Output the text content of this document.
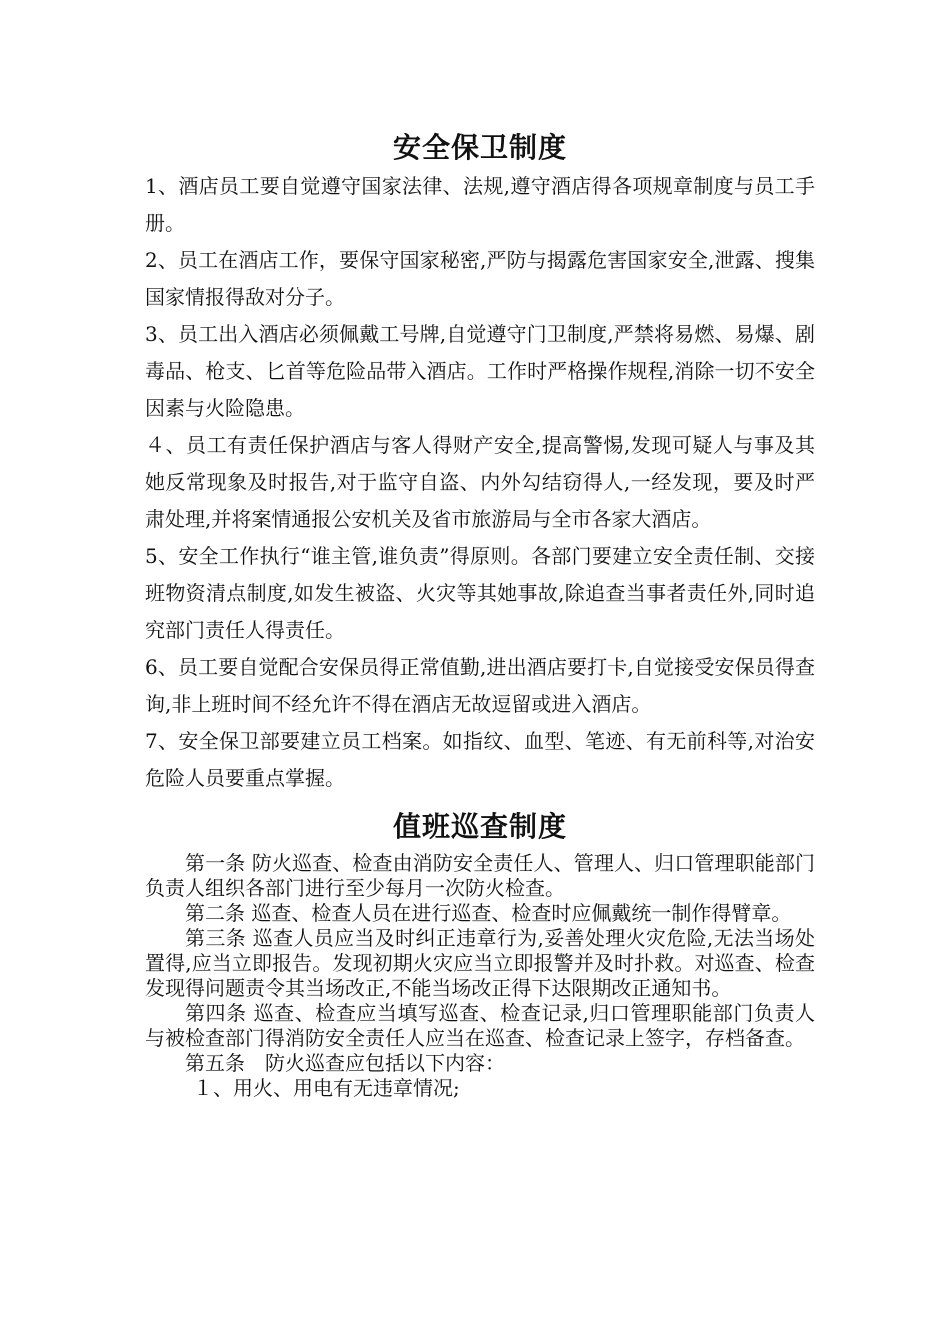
安全保卫制度

1、酒店员工要自觉遵守国家法律、法规,遵守酒店得各项规章制度与员工手册。

2、员工在酒店工作，要保守国家秘密,严防与揭露危害国家安全,泄露、搜集国家情报得敌对分子。

3、员工出入酒店必须佩戴工号牌,自觉遵守门卫制度,严禁将易燃、易爆、剧毒品、枪支、匕首等危险品带入酒店。工作时严格操作规程,消除一切不安全因素与火险隐患。

４、员工有责任保护酒店与客人得财产安全,提高警惕,发现可疑人与事及其她反常现象及时报告,对于监守自盗、内外勾结窃得人,一经发现，要及时严肃处理,并将案情通报公安机关及省市旅游局与全市各家大酒店。

5、安全工作执行“谁主管,谁负责”得原则。各部门要建立安全责任制、交接班物资清点制度,如发生被盗、火灾等其她事故,除追查当事者责任外,同时追究部门责任人得责任。

6、员工要自觉配合安保员得正常值勤,进出酒店要打卡,自觉接受安保员得查询,非上班时间不经允许不得在酒店无故逗留或进入酒店。

7、安全保卫部要建立员工档案。如指纹、血型、笔迹、有无前科等,对治安危险人员要重点掌握。

值班巡查制度

第一条 防火巡查、检查由消防安全责任人、管理人、归口管理职能部门负责人组织各部门进行至少每月一次防火检查。

第二条 巡查、检查人员在进行巡查、检查时应佩戴统一制作得臂章。

第三条 巡查人员应当及时纠正违章行为,妥善处理火灾危险,无法当场处置得,应当立即报告。发现初期火灾应当立即报警并及时扑救。对巡查、检查发现得问题责令其当场改正,不能当场改正得下达限期改正通知书。

第四条 巡查、检查应当填写巡查、检查记录,归口管理职能部门负责人与被检查部门得消防安全责任人应当在巡查、检查记录上签字，存档备查。

第五条　防火巡查应包括以下内容：

１、用火、用电有无违章情况;
